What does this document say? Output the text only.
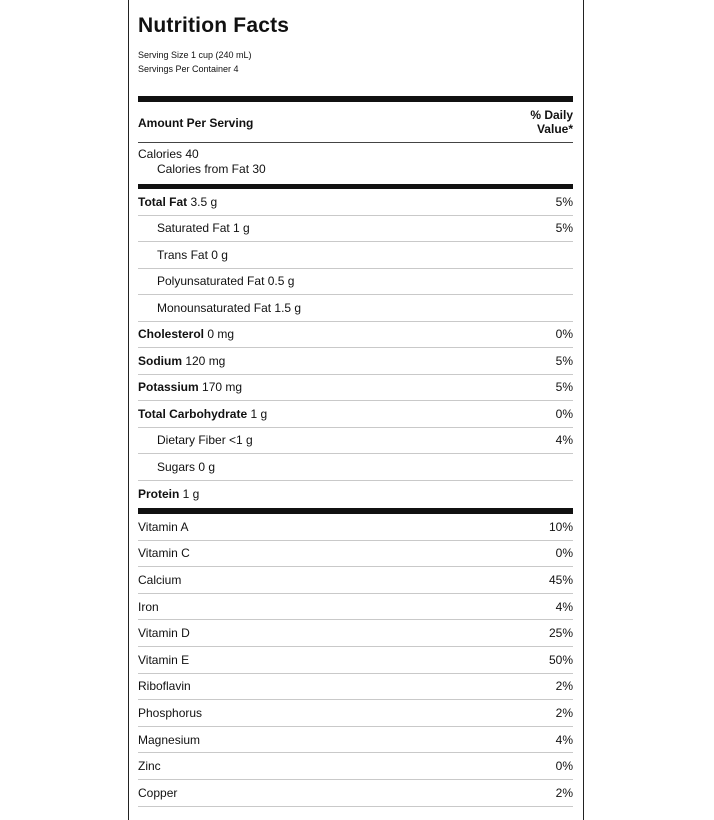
Nutrition Facts
Serving Size 1 cup (240 mL)
Servings Per Container 4
Amount Per Serving
% Daily
Value*
Calories 40
Calories from Fat 30
Total Fat 3.5 g	5%
Saturated Fat 1 g	5%
Trans Fat 0 g
Polyunsaturated Fat 0.5 g
Monounsaturated Fat 1.5 g
Cholesterol 0 mg	0%
Sodium 120 mg	5%
Potassium 170 mg	5%
Total Carbohydrate 1 g	0%
Dietary Fiber <1 g	4%
Sugars 0 g
Protein 1 g
Vitamin A	10%
Vitamin C	0%
Calcium	45%
Iron	4%
Vitamin D	25%
Vitamin E	50%
Riboflavin	2%
Phosphorus	2%
Magnesium	4%
Zinc	0%
Copper	2%
